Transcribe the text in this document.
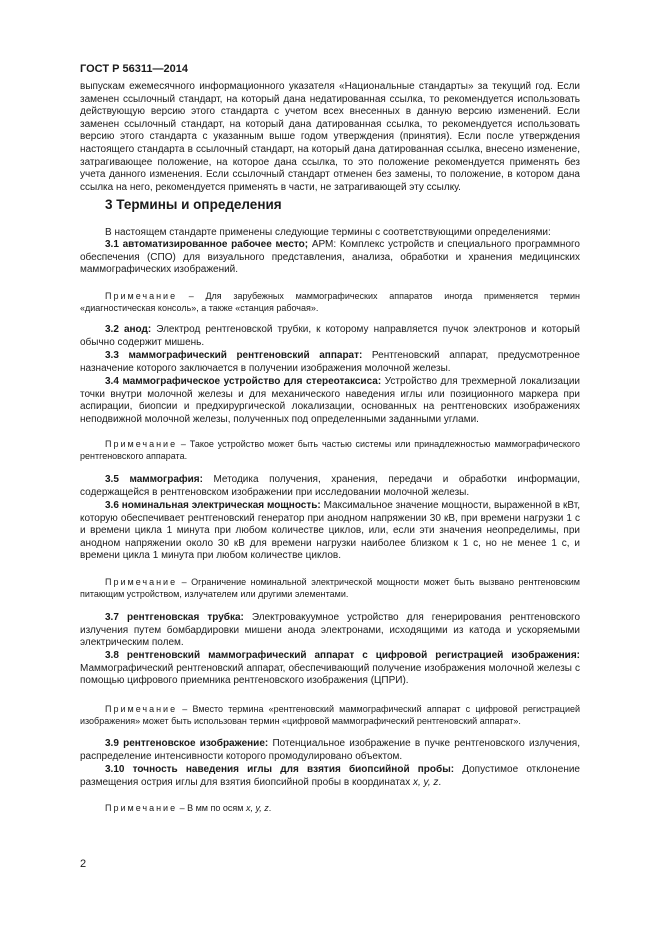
ГОСТ Р 56311—2014
выпускам ежемесячного информационного указателя «Национальные стандарты» за текущий год. Если заменен ссылочный стандарт, на который дана недатированная ссылка, то рекомендуется использовать действующую версию этого стандарта с учетом всех внесенных в данную версию изменений. Если заменен ссылочный стандарт, на который дана датированная ссылка, то рекомендуется использовать версию этого стандарта с указанным выше годом утверждения (принятия). Если после утверждения настоящего стандарта в ссылочный стандарт, на который дана датированная ссылка, внесено изменение, затрагивающее положение, на которое дана ссылка, то это положение рекомендуется применять без учета данного изменения. Если ссылочный стандарт отменен без замены, то положение, в котором дана ссылка на него, рекомендуется применять в части, не затрагивающей эту ссылку.
3 Термины и определения
В настоящем стандарте применены следующие термины с соответствующими определениями:
3.1 автоматизированное рабочее место; АРМ: Комплекс устройств и специального программного обеспечения (СПО) для визуального представления, анализа, обработки и хранения медицинских маммографических изображений.
Примечание – Для зарубежных маммографических аппаратов иногда применяется термин «диагностическая консоль», а также «станция рабочая».
3.2 анод: Электрод рентгеновской трубки, к которому направляется пучок электронов и который обычно содержит мишень.
3.3 маммографический рентгеновский аппарат: Рентгеновский аппарат, предусмотренное назначение которого заключается в получении изображения молочной железы.
3.4 маммографическое устройство для стереотаксиса: Устройство для трехмерной локализации точки внутри молочной железы и для механического наведения иглы или позиционного маркера при аспирации, биопсии и предхирургической локализации, основанных на рентгеновских изображениях неподвижной молочной железы, полученных под определенными заданными углами.
Примечание – Такое устройство может быть частью системы или принадлежностью маммографического рентгеновского аппарата.
3.5 маммография: Методика получения, хранения, передачи и обработки информации, содержащейся в рентгеновском изображении при исследовании молочной железы.
3.6 номинальная электрическая мощность: Максимальное значение мощности, выраженной в кВт, которую обеспечивает рентгеновский генератор при анодном напряжении 30 кВ, при времени нагрузки 1 с и времени цикла 1 минута при любом количестве циклов, или, если эти значения неопределимы, при анодном напряжении около 30 кВ для времени нагрузки наиболее близком к 1 с, но не менее 1 с, и времени цикла 1 минута при любом количестве циклов.
Примечание – Ограничение номинальной электрической мощности может быть вызвано рентгеновским питающим устройством, излучателем или другими элементами.
3.7 рентгеновская трубка: Электровакуумное устройство для генерирования рентгеновского излучения путем бомбардировки мишени анода электронами, исходящими из катода и ускоряемыми электрическим полем.
3.8 рентгеновский маммографический аппарат с цифровой регистрацией изображения: Маммографический рентгеновский аппарат, обеспечивающий получение изображения молочной железы с помощью цифрового приемника рентгеновского изображения (ЦПРИ).
Примечание – Вместо термина «рентгеновский маммографический аппарат с цифровой регистрацией изображения» может быть использован термин «цифровой маммографический рентгеновский аппарат».
3.9 рентгеновское изображение: Потенциальное изображение в пучке рентгеновского излучения, распределение интенсивности которого промодулировано объектом.
3.10 точность наведения иглы для взятия биопсийной пробы: Допустимое отклонение размещения острия иглы для взятия биопсийной пробы в координатах x, y, z.
Примечание – В мм по осям x, y, z.
2
